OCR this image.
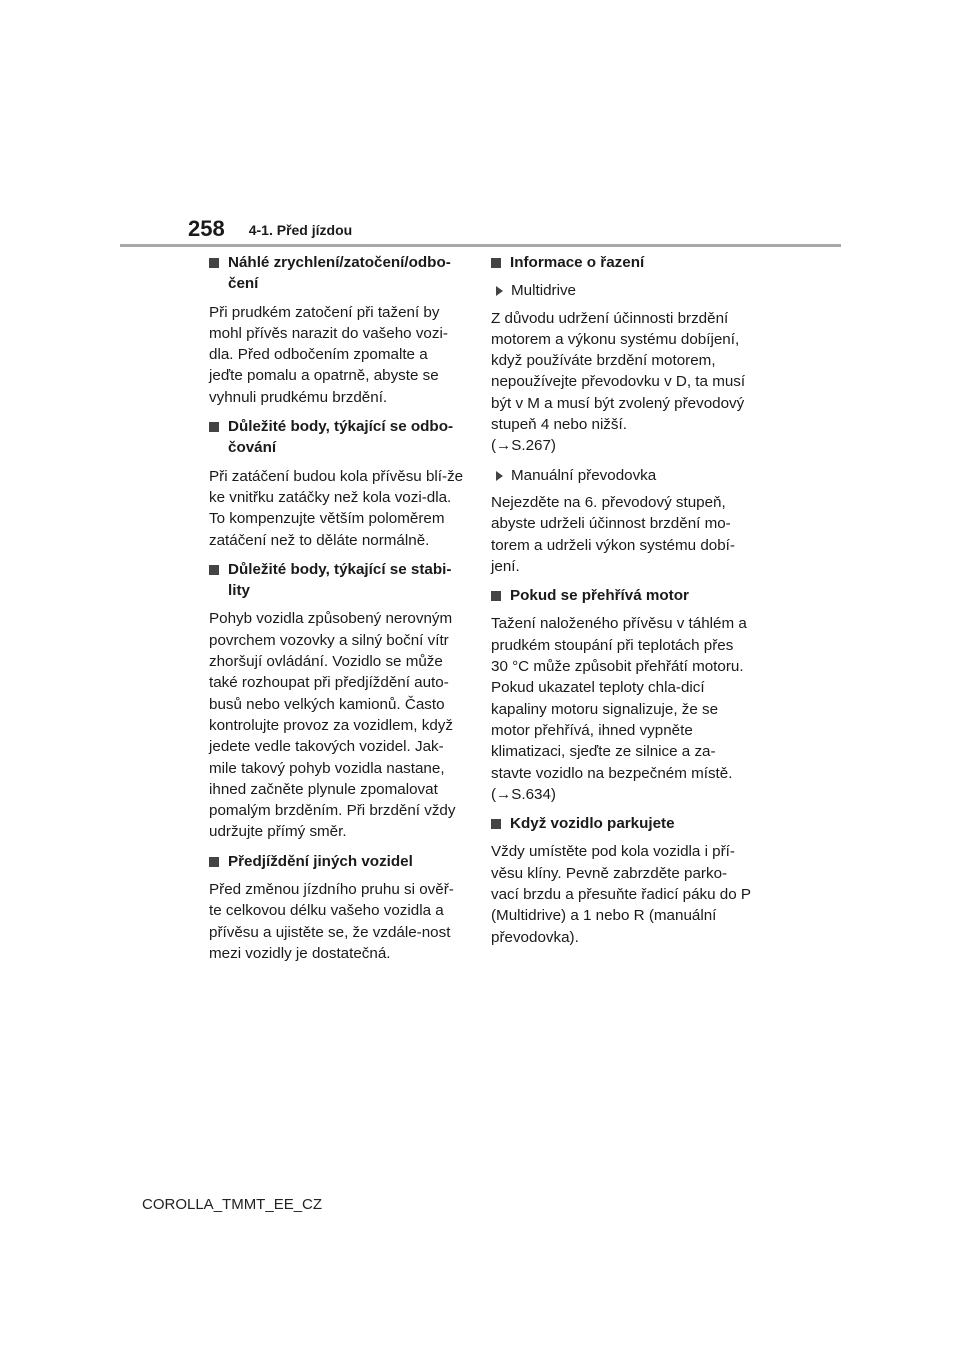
258 4-1. Před jízdou
Náhlé zrychlení/zatočení/odbo-čení

Při prudkém zatočení při tažení by mohl přívěs narazit do vašeho vozi-dla. Před odbočením zpomalte a jeďte pomalu a opatrně, abyste se vyhnuli prudkému brzdění.

Důležité body, týkající se odbo-čování

Při zatáčení budou kola přívěsu blí-že ke vnitřku zatáčky než kola vozi-dla. To kompenzujte větším poloměrem zatáčení než to děláte normálně.

Důležité body, týkající se stabi-lity

Pohyb vozidla způsobený nerovným povrchem vozovky a silný boční vítr zhoršují ovládání. Vozidlo se může také rozhoupat při předjíždění auto-busů nebo velkých kamionů. Často kontrolujte provoz za vozidlem, když jedete vedle takových vozidel. Jak-mile takový pohyb vozidla nastane, ihned začněte plynule zpomalovat pomalým brzděním. Při brzdění vždy udržujte přímý směr.

Předjíždění jiných vozidel

Před změnou jízdního pruhu si ověř-te celkovou délku vašeho vozidla a přívěsu a ujistěte se, že vzdále-nost mezi vozidly je dostatečná.

Informace o řazení
Multidrive

Z důvodu udržení účinnosti brzdění motorem a výkonu systému dobíjení, když používáte brzdění motorem, nepoužívejte převodovku v D, ta musí být v M a musí být zvolený převodový stupeň 4 nebo nižší.
(→S.267)

Manuální převodovka

Nejezděte na 6. převodový stupeň, abyste udrželi účinnost brzdění mo-torem a udrželi výkon systému dobí-jení.

Pokud se přehřívá motor

Tažení naloženého přívěsu v táhlém a prudkém stoupání při teplotách přes 30 °C může způsobit přehřátí motoru. Pokud ukazatel teploty chla-dicí kapaliny motoru signalizuje, že se motor přehřívá, ihned vypněte klimatizaci, sjeďte ze silnice a za-stavte vozidlo na bezpečném místě.
(→S.634)

Když vozidlo parkujete

Vždy umístěte pod kola vozidla i pří-věsu klíny. Pevně zabrzděte parko-vací brzdu a přesuňte řadicí páku do P (Multidrive) a 1 nebo R (manuální převodovka).

COROLLA_TMMT_EE_CZ
